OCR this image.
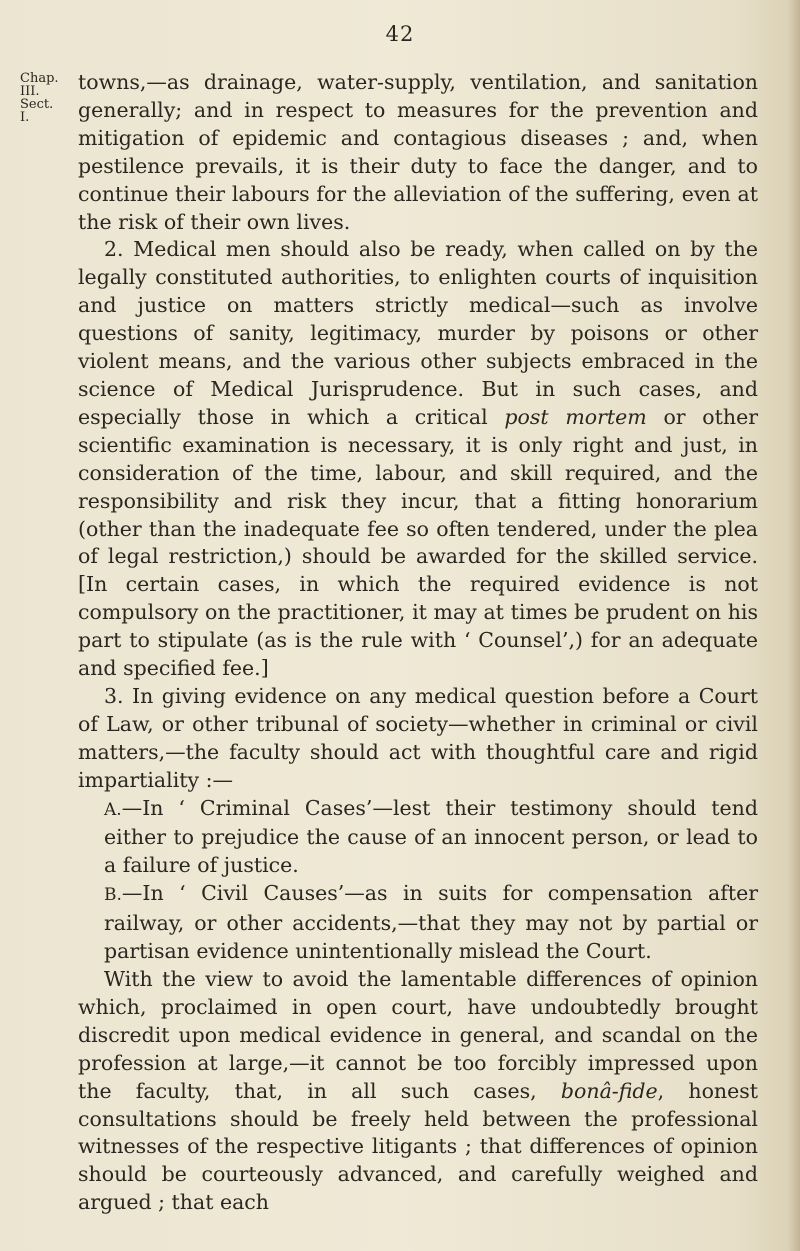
42
Chap. III.
Sect. I.

towns,—as drainage, water-supply, ventilation, and sanitation generally; and in respect to measures for the prevention and mitigation of epidemic and contagious diseases ; and, when pestilence prevails, it is their duty to face the danger, and to continue their labours for the alleviation of the suffering, even at the risk of their own lives.

2. Medical men should also be ready, when called on by the legally constituted authorities, to enlighten courts of inquisition and justice on matters strictly medical—such as involve questions of sanity, legitimacy, murder by poisons or other violent means, and the various other subjects embraced in the science of Medical Jurisprudence. But in such cases, and especially those in which a critical post mortem or other scientific examination is necessary, it is only right and just, in consideration of the time, labour, and skill required, and the responsibility and risk they incur, that a fitting honorarium (other than the inadequate fee so often tendered, under the plea of legal restriction,) should be awarded for the skilled service. [In certain cases, in which the required evidence is not compulsory on the practitioner, it may at times be prudent on his part to stipulate (as is the rule with ‘ Counsel’,) for an adequate and specified fee.]

3. In giving evidence on any medical question before a Court of Law, or other tribunal of society—whether in criminal or civil matters,—the faculty should act with thoughtful care and rigid impartiality :—

A.—In ‘ Criminal Cases’—lest their testimony should tend either to prejudice the cause of an innocent person, or lead to a failure of justice.

B.—In ‘ Civil Causes’—as in suits for compensation after railway, or other accidents,—that they may not by partial or partisan evidence unintentionally mislead the Court.

With the view to avoid the lamentable differences of opinion which, proclaimed in open court, have undoubtedly brought discredit upon medical evidence in general, and scandal on the profession at large,—it cannot be too forcibly impressed upon the faculty, that, in all such cases, bonâ-fide, honest consultations should be freely held between the professional witnesses of the respective litigants ; that differences of opinion should be courteously advanced, and carefully weighed and argued ; that each
